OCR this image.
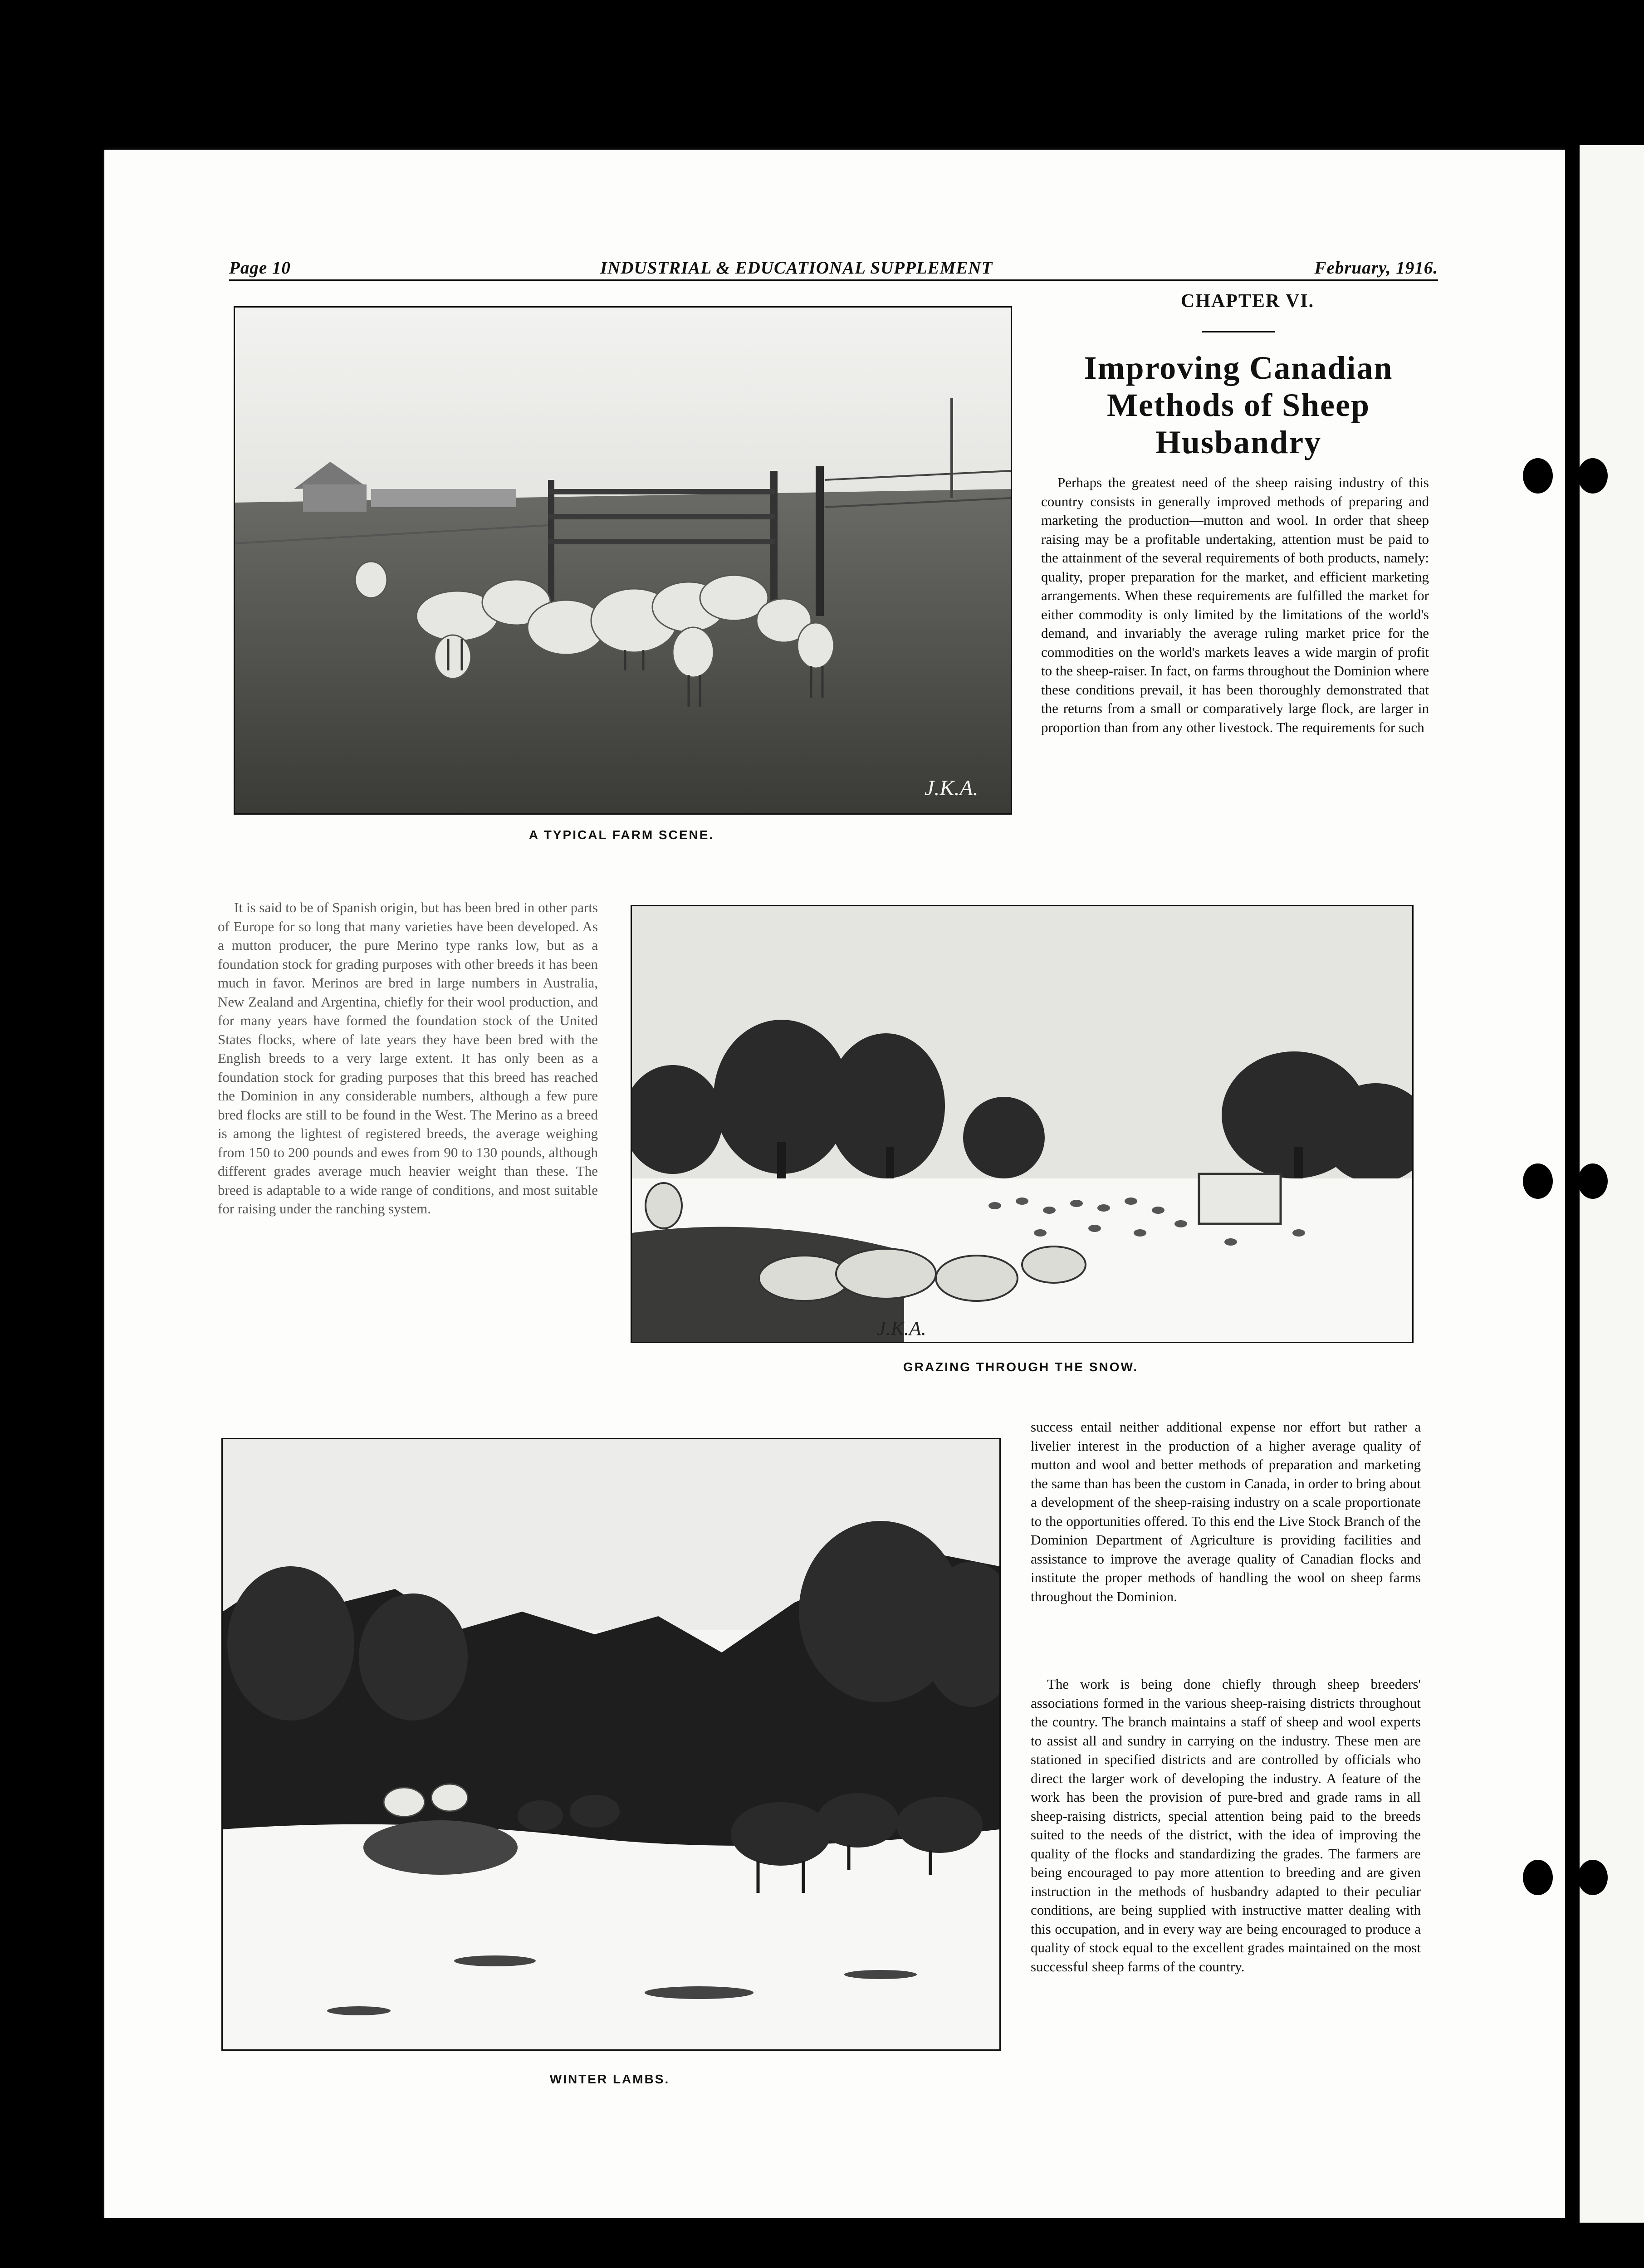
Page 10	INDUSTRIAL & EDUCATIONAL SUPPLEMENT	February, 1916.
J.K.A.
A TYPICAL FARM SCENE.
CHAPTER VI.
Improving Canadian
Methods of Sheep
Husbandry

Perhaps the greatest need of the sheep raising industry of this country consists in generally improved methods of preparing and marketing the production—mutton and wool. In order that sheep raising may be a profitable undertaking, attention must be paid to the attainment of the several requirements of both products, namely: quality, proper preparation for the market, and efficient marketing arrangements. When these requirements are fulfilled the market for either commodity is only limited by the limitations of the world's demand, and invariably the average ruling market price for the commodities on the world's markets leaves a wide margin of profit to the sheep-raiser. In fact, on farms throughout the Dominion where these conditions prevail, it has been thoroughly demonstrated that the returns from a small or comparatively large flock, are larger in proportion than from any other livestock. The requirements for such

It is said to be of Spanish origin, but has been bred in other parts of Europe for so long that many varieties have been developed. As a mutton producer, the pure Merino type ranks low, but as a foundation stock for grading purposes with other breeds it has been much in favor. Merinos are bred in large numbers in Australia, New Zealand and Argentina, chiefly for their wool production, and for many years have formed the foundation stock of the United States flocks, where of late years they have been bred with the English breeds to a very large extent. It has only been as a foundation stock for grading purposes that this breed has reached the Dominion in any considerable numbers, although a few pure bred flocks are still to be found in the West. The Merino as a breed is among the lightest of registered breeds, the average weighing from 150 to 200 pounds and ewes from 90 to 130 pounds, although different grades average much heavier weight than these. The breed is adaptable to a wide range of conditions, and most suitable for raising under the ranching system.

J.K.A.
GRAZING THROUGH THE SNOW.
WINTER LAMBS.

success entail neither additional expense nor effort but rather a livelier interest in the production of a higher average quality of mutton and wool and better methods of preparation and marketing the same than has been the custom in Canada, in order to bring about a development of the sheep-raising industry on a scale proportionate to the opportunities offered. To this end the Live Stock Branch of the Dominion Department of Agriculture is providing facilities and assistance to improve the average quality of Canadian flocks and institute the proper methods of handling the wool on sheep farms throughout the Dominion.

The work is being done chiefly through sheep breeders' associations formed in the various sheep-raising districts throughout the country. The branch maintains a staff of sheep and wool experts to assist all and sundry in carrying on the industry. These men are stationed in specified districts and are controlled by officials who direct the larger work of developing the industry. A feature of the work has been the provision of pure-bred and grade rams in all sheep-raising districts, special attention being paid to the breeds suited to the needs of the district, with the idea of improving the quality of the flocks and standardizing the grades. The farmers are being encouraged to pay more attention to breeding and are given instruction in the methods of husbandry adapted to their peculiar conditions, are being supplied with instructive matter dealing with this occupation, and in every way are being encouraged to produce a quality of stock equal to the excellent grades maintained on the most successful sheep farms of the country.
